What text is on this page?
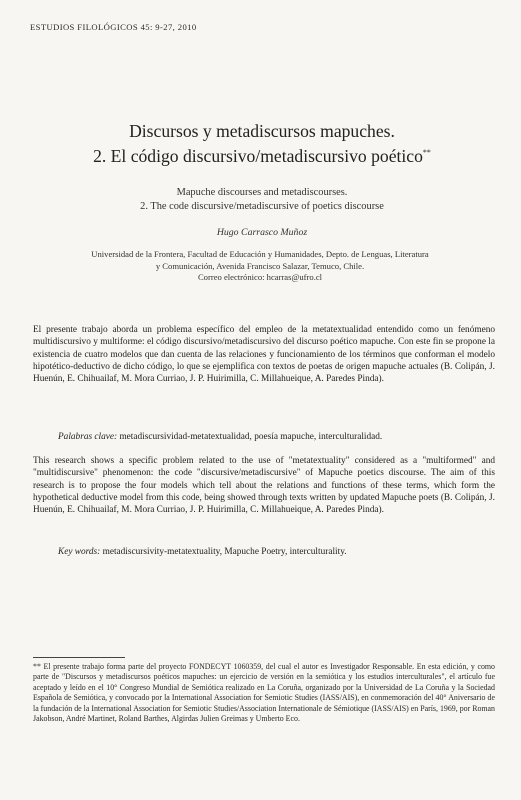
ESTUDIOS FILOLÓGICOS 45: 9-27, 2010
Discursos y metadiscursos mapuches.
2. El código discursivo/metadiscursivo poético**
Mapuche discourses and metadiscourses.
2. The code discursive/metadiscursive of poetics discourse
Hugo Carrasco Muñoz
Universidad de la Frontera, Facultad de Educación y Humanidades, Depto. de Lenguas, Literatura
y Comunicación, Avenida Francisco Salazar, Temuco, Chile.
Correo electrónico: hcarras@ufro.cl
El presente trabajo aborda un problema específico del empleo de la metatextualidad entendido como un fenómeno multidiscursivo y multiforme: el código discursivo/metadiscursivo del discurso poético mapuche. Con este fin se propone la existencia de cuatro modelos que dan cuenta de las relaciones y funcionamiento de los términos que conforman el modelo hipotético-deductivo de dicho código, lo que se ejemplifica con textos de poetas de origen mapuche actuales (B. Colipán, J. Huenún, E. Chihuailaf, M. Mora Curriao, J. P. Huirimilla, C. Millahueique, A. Paredes Pinda).
Palabras clave: metadiscursividad-metatextualidad, poesía mapuche, interculturalidad.
This research shows a specific problem related to the use of "metatextuality" considered as a "multiformed" and "multidiscursive" phenomenon: the code "discursive/metadiscursive" of Mapuche poetics discourse. The aim of this research is to propose the four models which tell about the relations and functions of these terms, which form the hypothetical deductive model from this code, being showed through texts written by updated Mapuche poets (B. Colipán, J. Huenún, E. Chihuailaf, M. Mora Curriao, J. P. Huirimilla, C. Millahueique, A. Paredes Pinda).
Key words: metadiscursivity-metatextuality, Mapuche Poetry, interculturality.
** El presente trabajo forma parte del proyecto FONDECYT 1060359, del cual el autor es Investigador Responsable. En esta edición, y como parte de "Discursos y metadiscursos poéticos mapuches: un ejercicio de versión en la semiótica y los estudios interculturales", el artículo fue aceptado y leído en el 10° Congreso Mundial de Semiótica realizado en La Coruña, organizado por la Universidad de La Coruña y la Sociedad Española de Semiótica, y convocado por la International Association for Semiotic Studies (IASS/AIS), en conmemoración del 40° Aniversario de la fundación de la International Association for Semiotic Studies/Association Internationale de Sémiotique (IASS/AIS) en París, 1969, por Roman Jakobson, André Martinet, Roland Barthes, Algirdas Julien Greimas y Umberto Eco.
